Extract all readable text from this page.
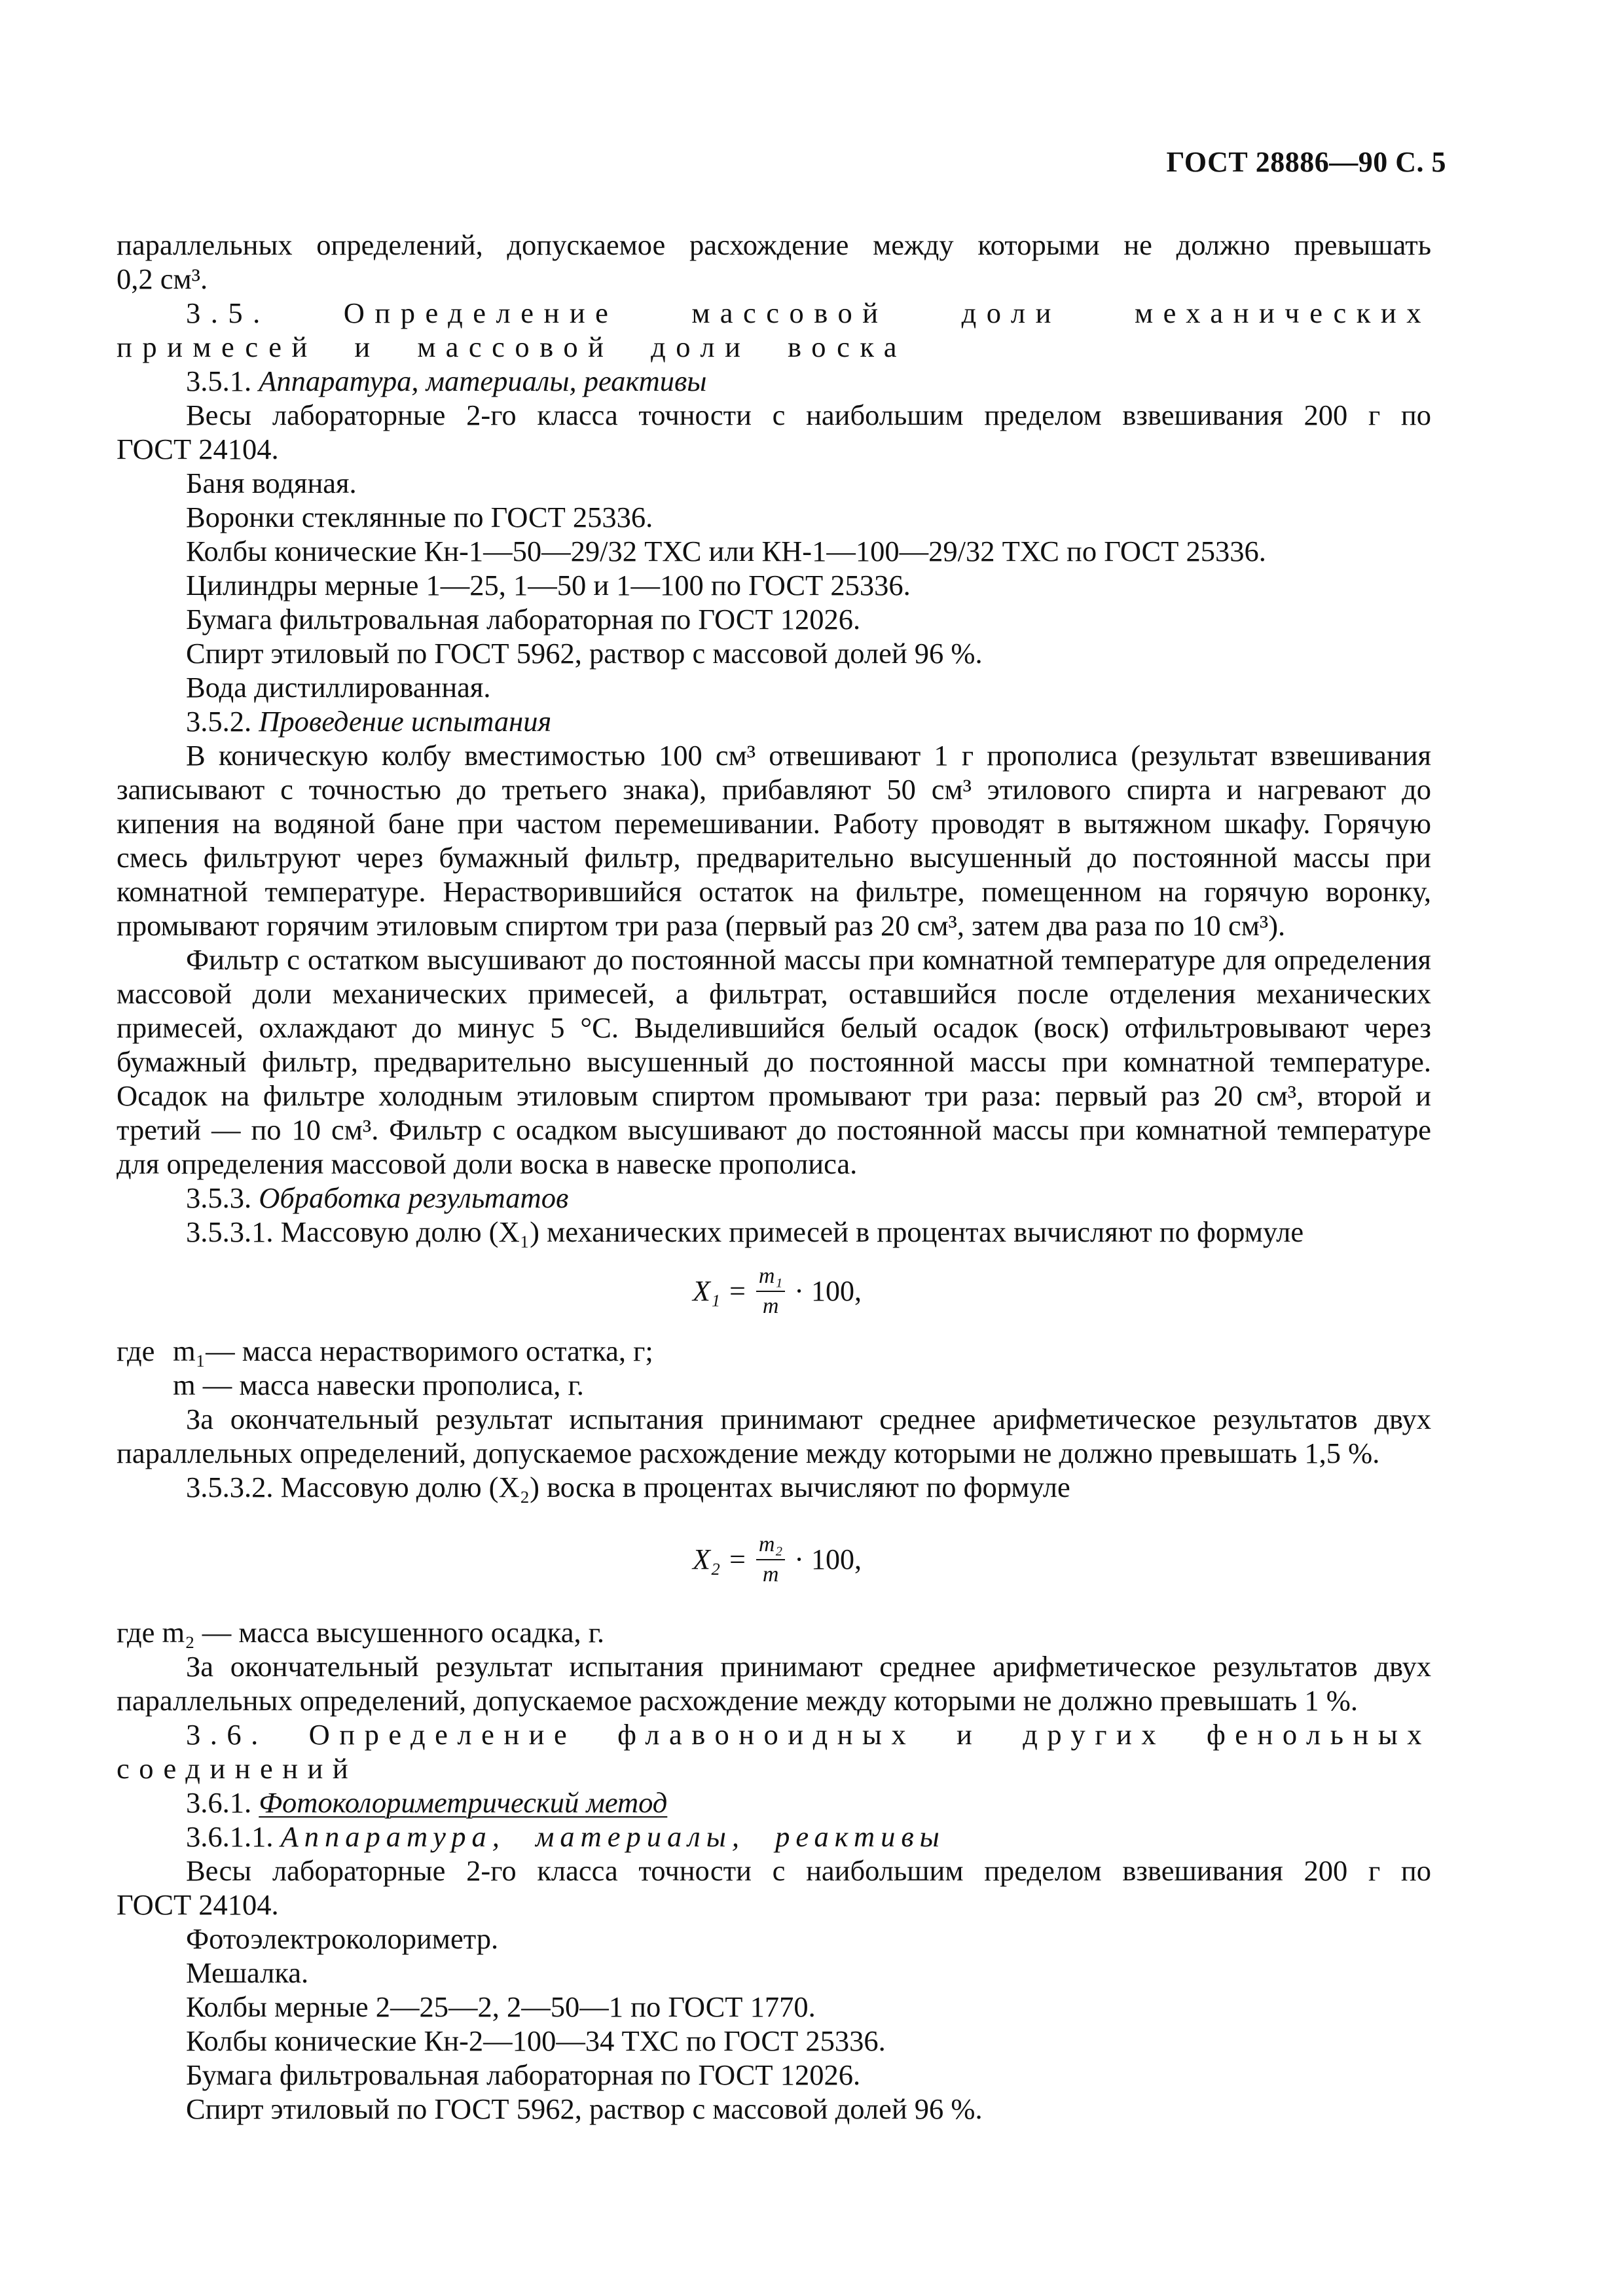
ГОСТ 28886—90 С. 5

параллельных определений, допускаемое расхождение между которыми не должно превышать

0,2 см³.

3.5. Определение массовой доли механических примесей и массовой доли воска

3.5.1. Аппаратура, материалы, реактивы

Весы лабораторные 2-го класса точности с наибольшим пределом взвешивания 200 г по

ГОСТ 24104.

Баня водяная.

Воронки стеклянные по ГОСТ 25336.

Колбы конические Кн-1—50—29/32 ТХС или КН-1—100—29/32 ТХС по ГОСТ 25336.

Цилиндры мерные 1—25, 1—50 и 1—100 по ГОСТ 25336.

Бумага фильтровальная лабораторная по ГОСТ 12026.

Спирт этиловый по ГОСТ 5962, раствор с массовой долей 96 %.

Вода дистиллированная.

3.5.2. Проведение испытания

В коническую колбу вместимостью 100 см³ отвешивают 1 г прополиса (результат взвешивания записывают с точностью до третьего знака), прибавляют 50 см³ этилового спирта и нагревают до кипения на водяной бане при частом перемешивании. Работу проводят в вытяжном шкафу. Горячую смесь фильтруют через бумажный фильтр, предварительно высушенный до постоянной массы при комнатной температуре. Нерастворившийся остаток на фильтре, помещенном на горячую воронку, промывают горячим этиловым спиртом три раза (первый раз 20 см³, затем два раза по 10 см³).

Фильтр с остатком высушивают до постоянной массы при комнатной температуре для определения массовой доли механических примесей, а фильтрат, оставшийся после отделения механических примесей, охлаждают до минус 5 °С. Выделившийся белый осадок (воск) отфильтровывают через бумажный фильтр, предварительно высушенный до постоянной массы при комнатной температуре. Осадок на фильтре холодным этиловым спиртом промывают три раза: первый раз 20 см³, второй и третий — по 10 см³. Фильтр с осадком высушивают до постоянной массы при комнатной температуре для определения массовой доли воска в навеске прополиса.

3.5.3. Обработка результатов

3.5.3.1. Массовую долю (X₁) механических примесей в процентах вычисляют по формуле

$X_1 = \frac{\text{m₁}}{m} \cdot 100$,
где m₁— масса нерастворимого остатка, г;

m — масса навески прополиса, г.

За окончательный результат испытания принимают среднее арифметическое результатов двух параллельных определений, допускаемое расхождение между которыми не должно превышать 1,5 %.

3.5.3.2. Массовую долю (X₂) воска в процентах вычисляют по формуле

$X_2 = \frac{\text{m₂}}{m} \cdot 100$,

где m₂ — масса высушенного осадка, г.

За окончательный результат испытания принимают среднее арифметическое результатов двух параллельных определений, допускаемое расхождение между которыми не должно превышать 1 %.

3.6. Определение флавоноидных и других фенольных соединений

3.6.1. Фотоколориметрический метод

3.6.1.1. Аппаратура, материалы, реактивы

Весы лабораторные 2-го класса точности с наибольшим пределом взвешивания 200 г по

ГОСТ 24104.

Фотоэлектроколориметр.

Мешалка.

Колбы мерные 2—25—2, 2—50—1 по ГОСТ 1770.

Колбы конические Кн-2—100—34 ТХС по ГОСТ 25336.

Бумага фильтровальная лабораторная по ГОСТ 12026.

Спирт этиловый по ГОСТ 5962, раствор с массовой долей 96 %.
